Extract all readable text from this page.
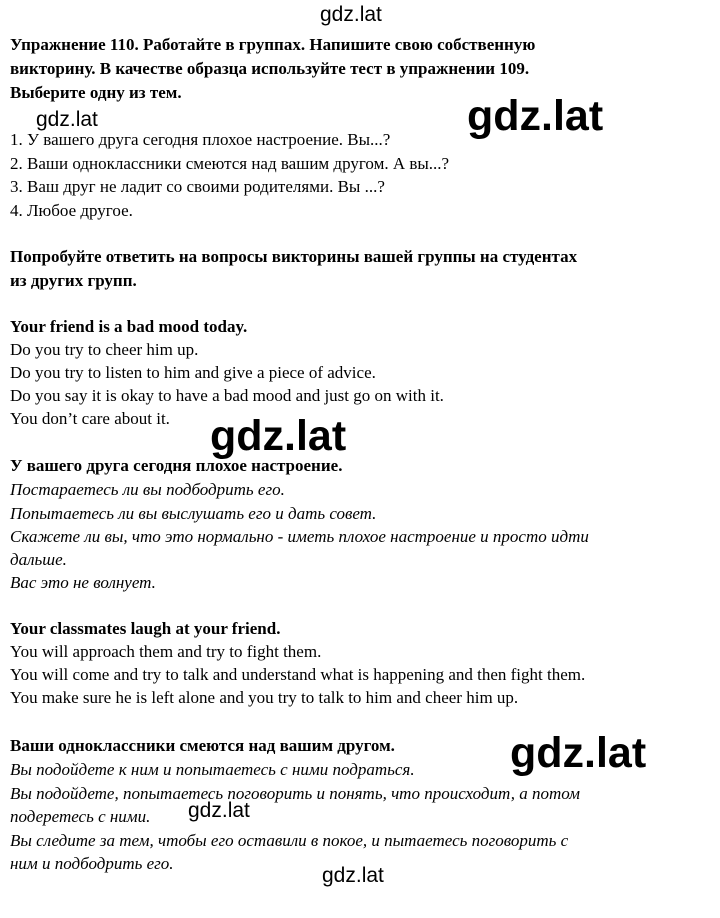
Упражнение 110. Работайте в группах. Напишите свою собственную
викторину. В качестве образца используйте тест в упражнении 109.
Выберите одну из тем.
1. У вашего друга сегодня плохое настроение. Вы...?
2. Ваши одноклассники смеются над вашим другом. А вы...?
3. Ваш друг не ладит со своими родителями. Вы ...?
4. Любое другое.
Попробуйте ответить на вопросы викторины вашей группы на студентах
из других групп.
Your friend is a bad mood today.
Do you try to cheer him up.
Do you try to listen to him and give a piece of advice.
Do you say it is okay to have a bad mood and just go on with it.
You don’t care about it.
У вашего друга сегодня плохое настроение.
Постараетесь ли вы подбодрить его.
Попытаетесь ли вы выслушать его и дать совет.
Скажете ли вы, что это нормально - иметь плохое настроение и просто идти
дальше.
Вас это не волнует.
Your classmates laugh at your friend.
You will approach them and try to fight them.
You will come and try to talk and understand what is happening and then fight them.
You make sure he is left alone and you try to talk to him and cheer him up.
Ваши одноклассники смеются над вашим другом.
Вы подойдете к ним и попытаетесь с ними подраться.
Вы подойдете, попытаетесь поговорить и понять, что происходит, а потом
подеретесь с ними.
Вы следите за тем, чтобы его оставили в покое, и пытаетесь поговорить с
ним и подбодрить его.
gdz.lat
gdz.lat	gdz.lat
gdz.lat
gdz.lat
gdz.lat
gdz.lat
